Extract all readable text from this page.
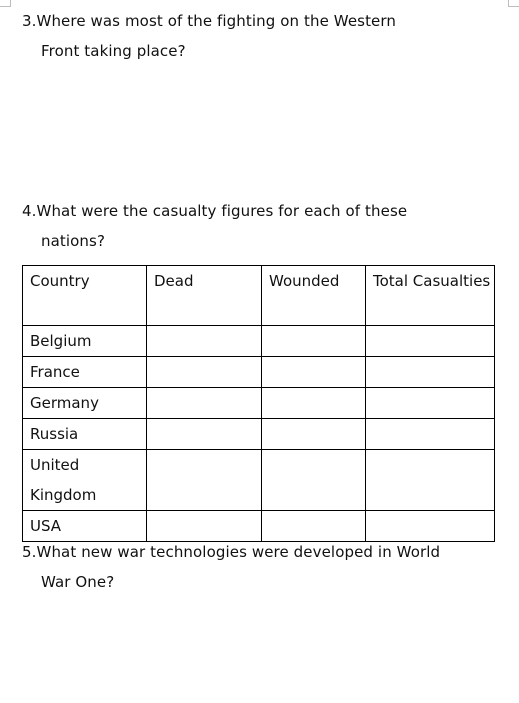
3.Where was most of the fighting on the Western
Front taking place?
4.What were the casualty figures for each of these
nations?
Country	Dead	Wounded	Total Casualties
Belgium			
France			
Germany			
Russia			
United Kingdom			
USA			
5.What new war technologies were developed in World
War One?
